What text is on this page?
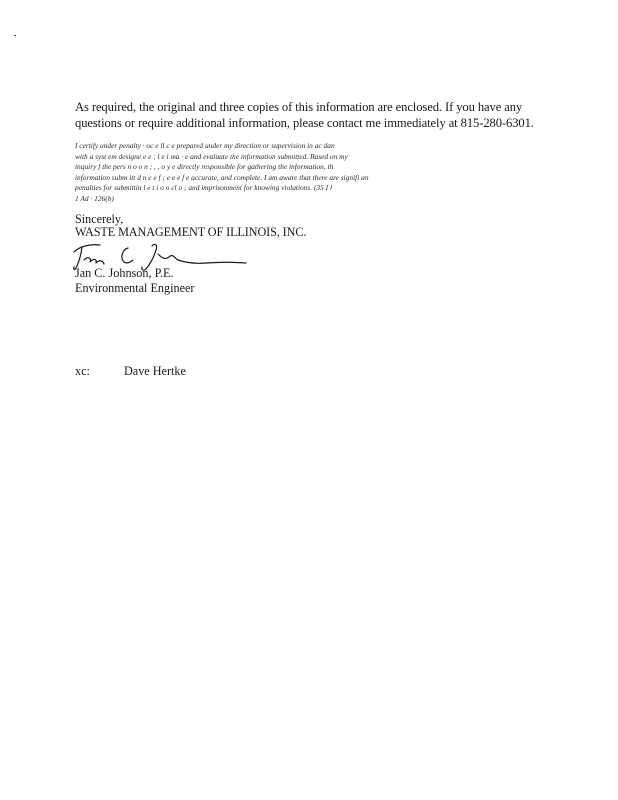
As required, the original and three copies of this information are enclosed. If you have any
questions or require additional information, please contact me immediately at 815-280-6301.
I certify under penalty · oc e ll c e prepared under my direction or supervision in ac dan
with a syst em designe e e ; l e i ma · e and evaluate the information submitted. Based on my
inquiry f the pers n o o n ; , , o y e directly responsible for gathering the information, th
information subm itt d n e e f ; e e e f e accurate, and complete. I am aware that there are signifi an
penalties for submittin l e t i o o cl o ; and imprisonment for knowing violations. (35 I l
1 Ad · 126(b)
Sincerely,
WASTE MANAGEMENT OF ILLINOIS, INC.
Jan C. Johnson, P.E.
Environmental Engineer
xc:	Dave Hertke
